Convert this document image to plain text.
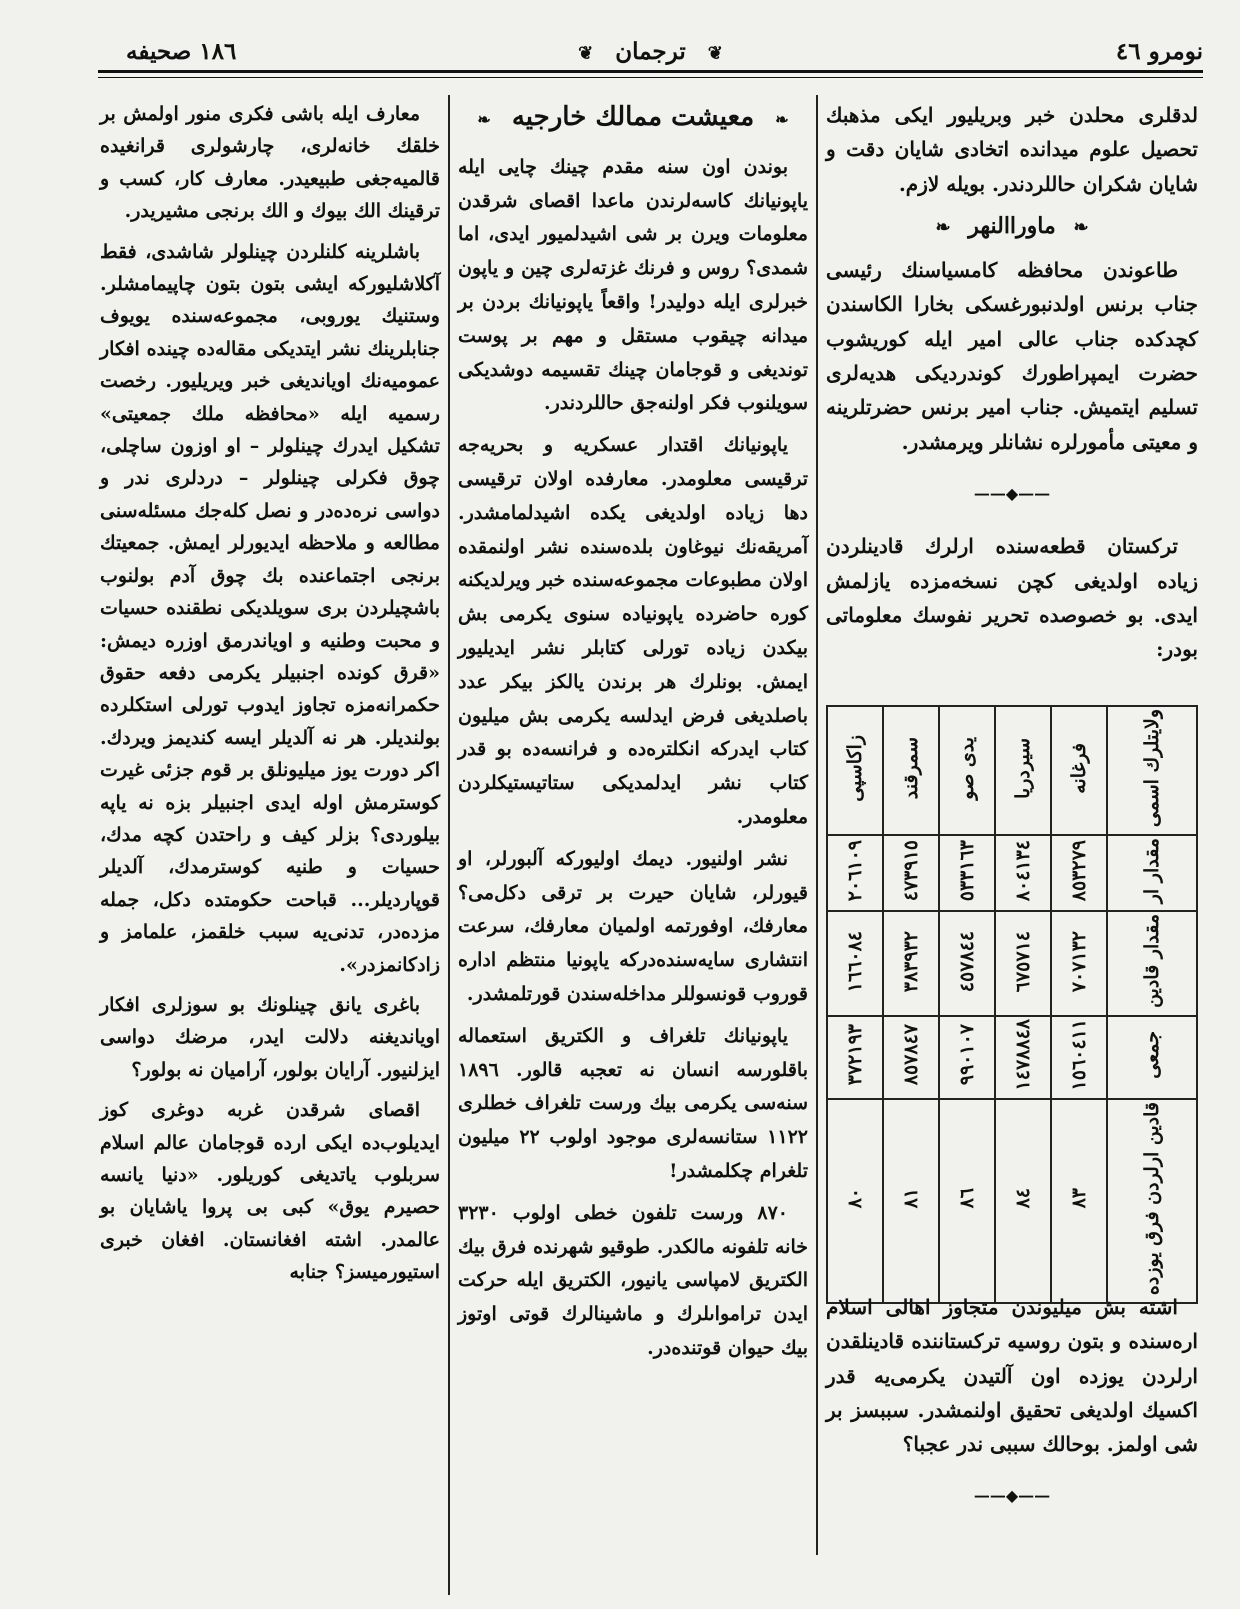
نومرو ٤٦
❦ ترجمان ❦
١٨٦ صحيفه

لدقلری محلدن خبر وبریلیور ایکی مذهبك تحصیل علوم میدانده اتخادی شایان دقت و شایان شکران حاللردندر. بویله لازم.

❧ ماوراالنهر ❧

طاعوندن محافظه کامسیاسنك رئیسی جناب برنس اولدنبورغسکی بخارا الکاسندن کچدکده جناب عالی امیر ایله کوریشوب حضرت ایمپراطورك کوندردیکی هدیه‌لری تسلیم ایتمیش. جناب امیر برنس حضرتلرینه و معیتی مأمورلره نشانلر ویرمشدر.

——◆——

ترکستان قطعه‌سنده ارلرك قادینلردن زیاده اولدیغی کچن نسخه‌مزده یازلمش ایدی. بو خصوصده تحریر نفوسك معلوماتی بودر:

ولایتلرك اسمی	فرغانه	سیردریا	یدی صو	سمرقند	زاکاسپی
مقدار ار	٨٥٣٢٧٩	٨٠٤١٣٤	٥٣٣١٦٣	٤٧٣٩١٥	٢٠٦١٠٩
مقدار قادین	٧٠٧١٣٢	٦٧٥٧١٤	٤٥٧٨٤٤	٣٨٣٩٣٢	١٦٦٠٨٤
جمعی	١٥٦٠٤١١	١٤٧٨٨٤٨	٩٩٠١٠٧	٨٥٧٨٤٧	٣٧٢١٩٣
قادین ارلردن فرق یوزده	٨٣	٨٤	٨٦	٨١	٨٠

اشته بش میلیوندن متجاوز اهالی اسلام اره‌سنده و بتون روسیه ترکستاننده قادینلقدن ارلردن یوزده اون آلتیدن یکرمی‌یه قدر اکسیك اولدیغی تحقیق اولنمشدر. سببسز بر شی اولمز. بوحالك سببی ندر عجبا؟

——◆——
❧ معیشت ممالك خارجیه ❧

بوندن اون سنه مقدم چینك چایی ایله یاپونیانك کاسه‌لرندن ماعدا اقصای شرقدن معلومات ویرن بر شی اشیدلمیور ایدی، اما شمدی؟ روس و فرنك غزته‌لری چین و یاپون خبرلری ایله دولیدر! واقعاً یاپونیانك بردن بر میدانه چیقوب مستقل و مهم بر پوست توندیغی و قوجامان چینك تقسیمه دوشدیکی سویلنوب فکر اولنه‌جق حاللردندر.

یاپونیانك اقتدار عسکریه و بحریه‌جه ترقیسی معلومدر. معارفده اولان ترقیسی دها زیاده اولدیغی یکده اشیدلمامشدر. آمریقه‌نك نیوغاون بلده‌سنده نشر اولنمقده اولان مطبوعات مجموعه‌سنده خبر ویرلدیکنه کوره حاضرده یاپونیاده سنوی یکرمی بش بیکدن زیاده تورلی کتابلر نشر ایدیلیور ایمش. بونلرك هر برندن یالکز بیکر عدد باصلدیغی فرض ایدلسه یکرمی بش میلیون کتاب ایدرکه انکلتره‌ده و فرانسه‌ده بو قدر کتاب نشر ایدلمدیکی ستاتیستیکلردن معلومدر.

نشر اولنیور. دیمك اولیورکه آلبورلر، او قیورلر، شایان حیرت بر ترقی دکل‌می؟ معارفك، اوفورتمه اولمیان معارفك، سرعت انتشاری سایه‌سنده‌درکه یاپونیا منتظم اداره قوروب قونسوللر مداخله‌سندن قورتلمشدر.

یاپونیانك تلغراف و الکتریق استعماله باقلورسه انسان نه تعجبه قالور. ١٨٩٦ سنه‌سی یکرمی بیك ورست تلغراف خطلری ١١٢٢ ستانسه‌لری موجود اولوب ٢٢ میلیون تلغرام چکلمشدر!

٨٧٠ ورست تلفون خطی اولوب ٣٢٣٠ خانه تلفونه مالکدر. طوقیو شهرنده فرق بیك الکتریق لامپاسی یانیور، الکتریق ایله حرکت ایدن ترامواىلرك و ماشینالرك قوتی اوتوز بیك حیوان قوتنده‌در.

معارف ایله باشی فکری منور اولمش بر خلقك خانه‌لری، چارشولری قرانغیده قالمیه‌جغی طبیعیدر. معارف کار، کسب و ترقینك الك بیوك و الك برنجی مشیریدر.

باشلرینه کلنلردن چینلولر شاشدی، فقط آکلاشلیورکه ایشی بتون بتون چاپیمامشلر. وستنیك یوروبی، مجموعه‌سنده یویوف جنابلرینك نشر ایتدیکی مقاله‌ده چینده افکار عمومیه‌نك اویاندیغی خبر ویریلیور. رخصت رسمیه ایله «محافظه ملك جمعیتی» تشکیل ایدرك چینلولر – او اوزون ساچلی، چوق فکرلی چینلولر – دردلری ندر و دواسی نره‌ده‌در و نصل کله‌جك مسئله‌سنی مطالعه و ملاحظه ایدیورلر ایمش. جمعیتك برنجی اجتماعنده بك چوق آدم بولنوب باشچیلردن بری سویلدیکی نطقنده حسیات و محبت وطنیه و اویاندرمق اوزره دیمش: «قرق کونده اجنبیلر یکرمی دفعه حقوق حکمرانه‌مزه تجاوز ایدوب تورلی استکلرده بولندیلر. هر نه آلدیلر ایسه کندیمز ویردك. اکر دورت یوز میلیونلق بر قوم جزئی غیرت کوسترمش اوله ایدی اجنبیلر بزه نه یاپه بیلوردی؟ بزلر کیف و راحتدن کچه مدك، حسیات و طنیه کوسترمدك، آلدیلر قوپاردیلر... قباحت حکومتده دکل، جمله مزده‌در، تدنی‌یه سبب خلقمز، علمامز و زادکانمزدر».

باغری یانق چینلونك بو سوزلری افکار اویاندیغنه دلالت ایدر، مرضك دواسی ایزلنیور. آرایان بولور، آرامیان نه بولور؟

اقصای شرقدن غربه دوغری کوز ایدیلوب‌ده ایکی ارده قوجامان عالم اسلام سربلوب یاتدیغی کوریلور. «دنیا یانسه حصیرم یوق» کبی بی پروا یاشایان بو عالمدر. اشته افغانستان. افغان خبری استیورمیسز؟ جنابه
